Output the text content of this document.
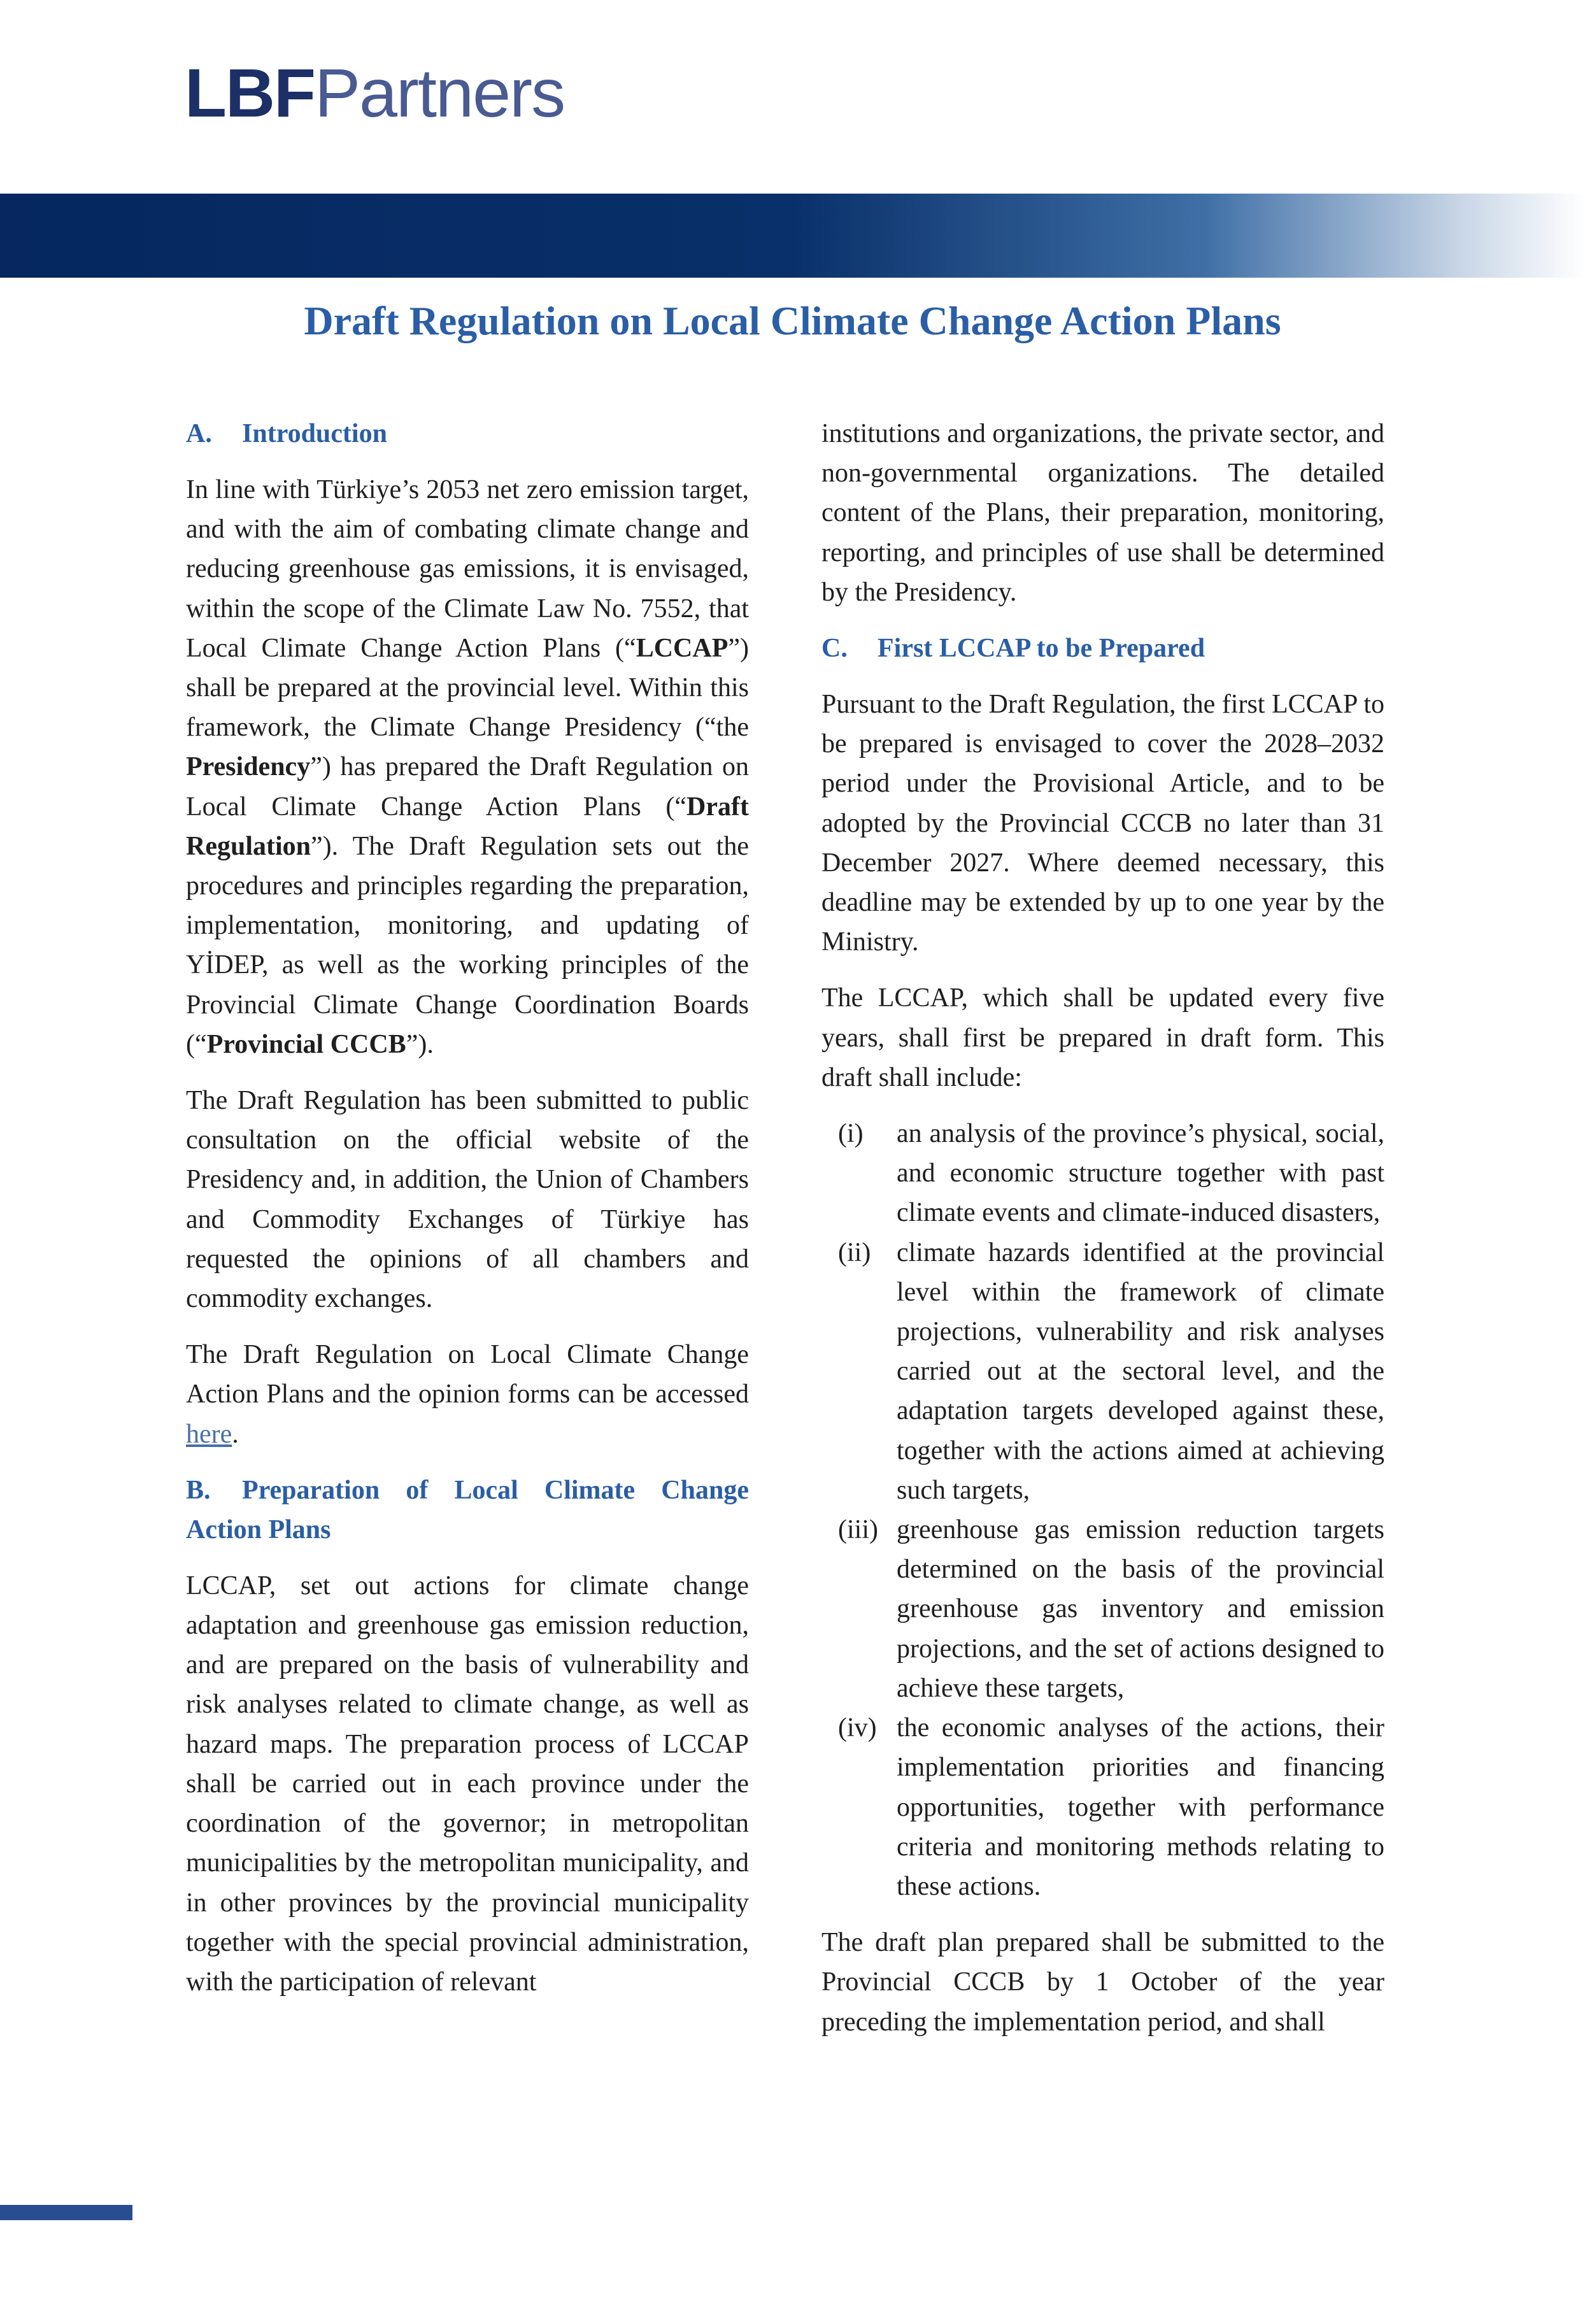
LBFPartners
Draft Regulation on Local Climate Change Action Plans
A. Introduction

In line with Türkiye’s 2053 net zero emission target, and with the aim of combating climate change and reducing greenhouse gas emissions, it is envisaged, within the scope of the Climate Law No. 7552, that Local Climate Change Action Plans (“LCCAP”) shall be prepared at the provincial level. Within this framework, the Climate Change Presidency (“the Presidency”) has prepared the Draft Regulation on Local Climate Change Action Plans (“Draft Regulation”). The Draft Regulation sets out the procedures and principles regarding the preparation, implementation, monitoring, and updating of YİDEP, as well as the working principles of the Provincial Climate Change Coordination Boards (“Provincial CCCB”).

The Draft Regulation has been submitted to public consultation on the official website of the Presidency and, in addition, the Union of Chambers and Commodity Exchanges of Türkiye has requested the opinions of all chambers and commodity exchanges.

The Draft Regulation on Local Climate Change Action Plans and the opinion forms can be accessed here.

B. Preparation of Local Climate Change Action Plans

LCCAP, set out actions for climate change adaptation and greenhouse gas emission reduction, and are prepared on the basis of vulnerability and risk analyses related to climate change, as well as hazard maps. The preparation process of LCCAP shall be carried out in each province under the coordination of the governor; in metropolitan municipalities by the metropolitan municipality, and in other provinces by the provincial municipality together with the special provincial administration, with the participation of relevant

institutions and organizations, the private sector, and non-governmental organizations. The detailed content of the Plans, their preparation, monitoring, reporting, and principles of use shall be determined by the Presidency.

C. First LCCAP to be Prepared

Pursuant to the Draft Regulation, the first LCCAP to be prepared is envisaged to cover the 2028–2032 period under the Provisional Article, and to be adopted by the Provincial CCCB no later than 31 December 2027. Where deemed necessary, this deadline may be extended by up to one year by the Ministry.

The LCCAP, which shall be updated every five years, shall first be prepared in draft form. This draft shall include:

(i)	an analysis of the province’s physical, social, and economic structure together with past climate events and climate-induced disasters,
(ii) climate hazards identified at the provincial level within the framework of climate projections, vulnerability and risk analyses carried out at the sectoral level, and the adaptation targets developed against these, together with the actions aimed at achieving such targets,
(iii) greenhouse gas emission reduction targets determined on the basis of the provincial greenhouse gas inventory and emission projections, and the set of actions designed to achieve these targets,
(iv) the economic analyses of the actions, their implementation priorities and financing opportunities, together with performance criteria and monitoring methods relating to these actions.

The draft plan prepared shall be submitted to the Provincial CCCB by 1 October of the year preceding the implementation period, and shall
